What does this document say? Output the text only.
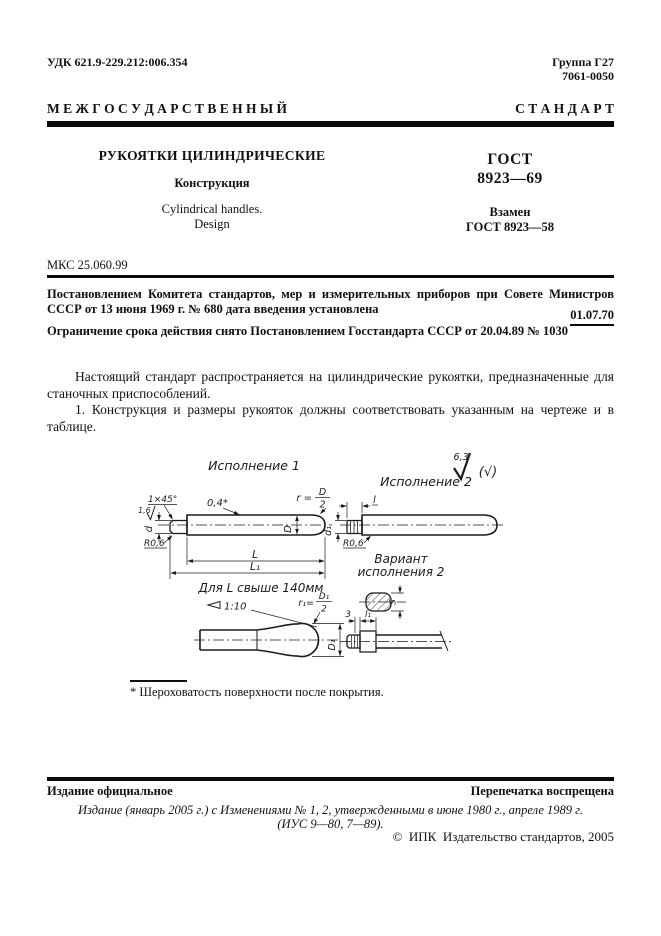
УДК 621.9-229.212:006.354	Группа Г27
7061-0050
М Е Ж Г О С У Д А Р С Т В Е Н Н Ы Й	С Т А Н Д А Р Т
РУКОЯТКИ ЦИЛИНДРИЧЕСКИЕ
Конструкция
Cylindrical handles.
Design
ГОСТ
8923—69
Взамен
ГОСТ 8923—58
МКС 25.060.99
Постановлением Комитета стандартов, мер и измерительных приборов при Совете Министров СССР от 13 июня 1969 г. № 680 дата введения установлена	01.07.70
Ограничение срока действия снято Постановлением Госстандарта СССР от 20.04.89 № 1030

Настоящий стандарт распространяется на цилиндрические рукоятки, предназначенные для станочных приспособлений.

1. Конструкция и размеры рукояток должны соответствовать указанным на чертеже и в таблице.

Исполнение 1
6,3
(√)
Исполнение 2
d
1×45°
1,6
0,4*	r =
D
2
D
R0,6
L
L₁
l
d₁
R0,6
Вариант
исполнения 2
Для L свыше 140мм
1:10	r₁=
D₁
2
D₁
S
3 l₁
* Шероховатость поверхности после покрытия.
Издание официальное	Перепечатка воспрещена
Издание (январь 2005 г.) с Изменениями № 1, 2, утвержденными в июне 1980 г., апреле 1989 г.
(ИУС 9—80, 7—89).
©  ИПК  Издательство стандартов, 2005
